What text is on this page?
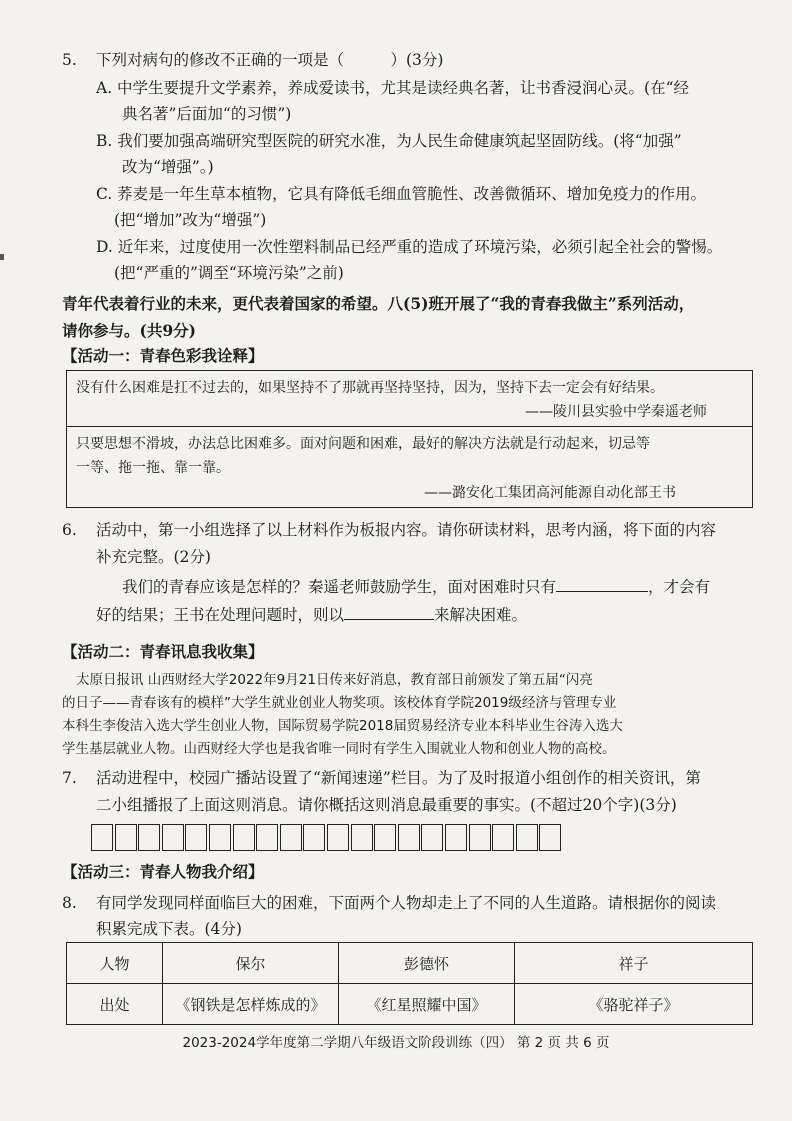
5. 下列对病句的修改不正确的一项是（　　　）(3分)
A. 中学生要提升文学素养，养成爱读书，尤其是读经典名著，让书香浸润心灵。(在“经
典名著”后面加“的习惯”)
B. 我们要加强高端研究型医院的研究水准，为人民生命健康筑起坚固防线。(将“加强”
改为“增强”。)
C. 荞麦是一年生草本植物，它具有降低毛细血管脆性、改善微循环、增加免疫力的作用。
(把“增加”改为“增强”)
D. 近年来，过度使用一次性塑料制品已经严重的造成了环境污染，必须引起全社会的警惕。
(把“严重的”调至“环境污染”之前)
青年代表着行业的未来，更代表着国家的希望。八(5)班开展了“我的青春我做主”系列活动，
请你参与。(共9分)
【活动一：青春色彩我诠释】
没有什么困难是扛不过去的，如果坚持不了那就再坚持坚持，因为，坚持下去一定会有好结果。
——陵川县实验中学秦遥老师
只要思想不滑坡，办法总比困难多。面对问题和困难，最好的解决方法就是行动起来，切忌等
一等、拖一拖、靠一靠。
——潞安化工集团高河能源自动化部王书
6. 活动中，第一小组选择了以上材料作为板报内容。请你研读材料，思考内涵，将下面的内容
补充完整。(2分)
我们的青春应该是怎样的？秦遥老师鼓励学生，面对困难时只有	，才会有
好的结果；王书在处理问题时，则以	来解决困难。
【活动二：青春讯息我收集】
太原日报讯 山西财经大学2022年9月21日传来好消息，教育部日前颁发了第五届“闪亮
的日子——青春该有的模样”大学生就业创业人物奖项。该校体育学院2019级经济与管理专业
本科生李俊洁入选大学生创业人物，国际贸易学院2018届贸易经济专业本科毕业生谷涛入选大
学生基层就业人物。山西财经大学也是我省唯一同时有学生入围就业人物和创业人物的高校。
7. 活动进程中，校园广播站设置了“新闻速递”栏目。为了及时报道小组创作的相关资讯，第
二小组播报了上面这则消息。请你概括这则消息最重要的事实。(不超过20个字)(3分)
【活动三：青春人物我介绍】
8. 有同学发现同样面临巨大的困难，下面两个人物却走上了不同的人生道路。请根据你的阅读
积累完成下表。(4分)
人物	保尔	彭德怀	祥子
出处	《钢铁是怎样炼成的》	《红星照耀中国》	《骆驼祥子》
2023-2024学年度第二学期八年级语文阶段训练（四） 第 2 页 共 6 页
